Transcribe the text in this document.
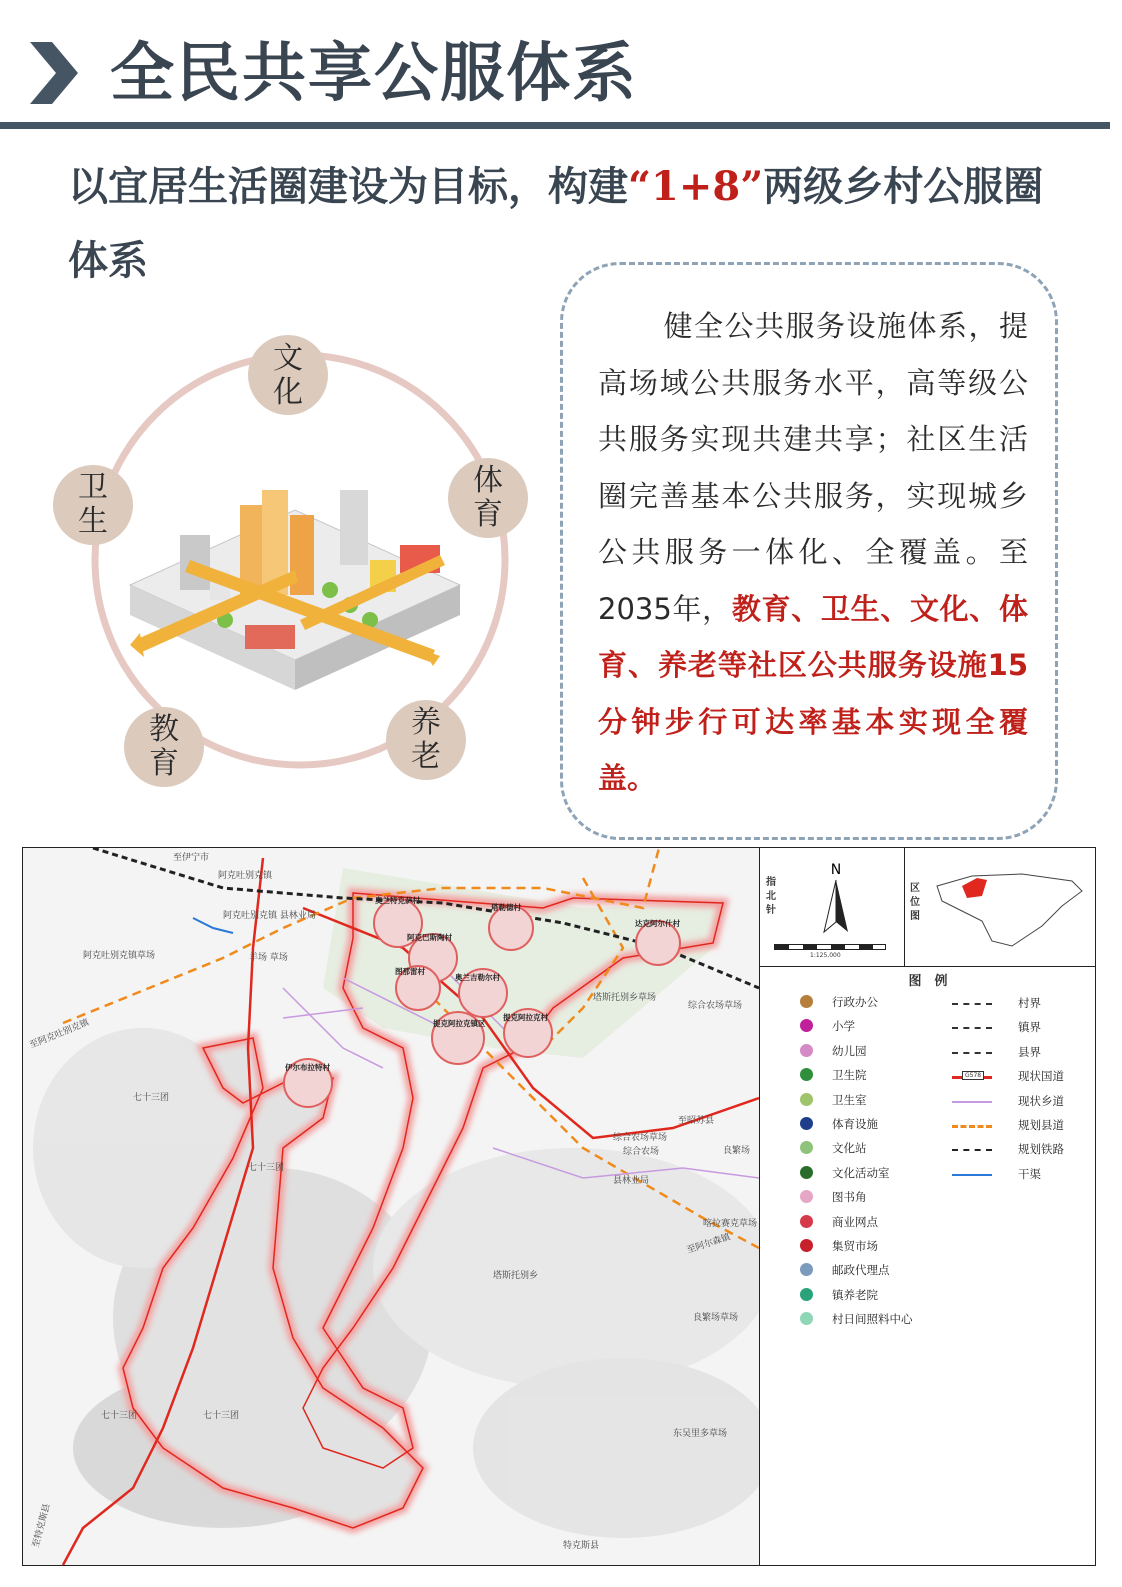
全民共享公服体系
以宜居生活圈建设为目标，构建“1+8”两级乡村公服圈体系
文
化
体
育
养
老
教
育
卫
生
健全公共服务设施体系，提高场域公共服务水平，高等级公共服务实现共建共享；社区生活圈完善基本公共服务，实现城乡公共服务一体化、全覆盖。至2035年，教育、卫生、文化、体育、养老等社区公共服务设施15分钟步行可达率基本实现全覆盖。
至伊宁市
阿克吐别克镇
阿克吐别克镇 县林业局
羊场 草场
阿克吐别克镇草场
至阿克吐别克镇
七十三团
七十三团
七十三团
七十三团
塔斯托别乡
特克斯县
至特克斯县
至昭苏县
综合农场草场
综合农场草场
综合农场
县林业局
良繁场
良繁场草场
东吴里多草场
塔斯托别乡草场
至阿尔森镇
喀拉赛克草场
奥兰特克萨村
塔勒德村
阿克巴斯陶村
图那雷村
奥兰吉勒尔村
达克阿尔什村
提克阿拉克镇区
提克阿拉克村
伊尔布拉特村
指北针
N
1:125,000
区位图
图　例
行政办公
小学
幼儿园
卫生院
卫生室
体育设施
文化站
文化活动室
图书角
商业网点
集贸市场
邮政代理点
镇养老院
村日间照料中心
村界
镇界
县界
G578	现状国道
现状乡道
规划县道
规划铁路
干渠
